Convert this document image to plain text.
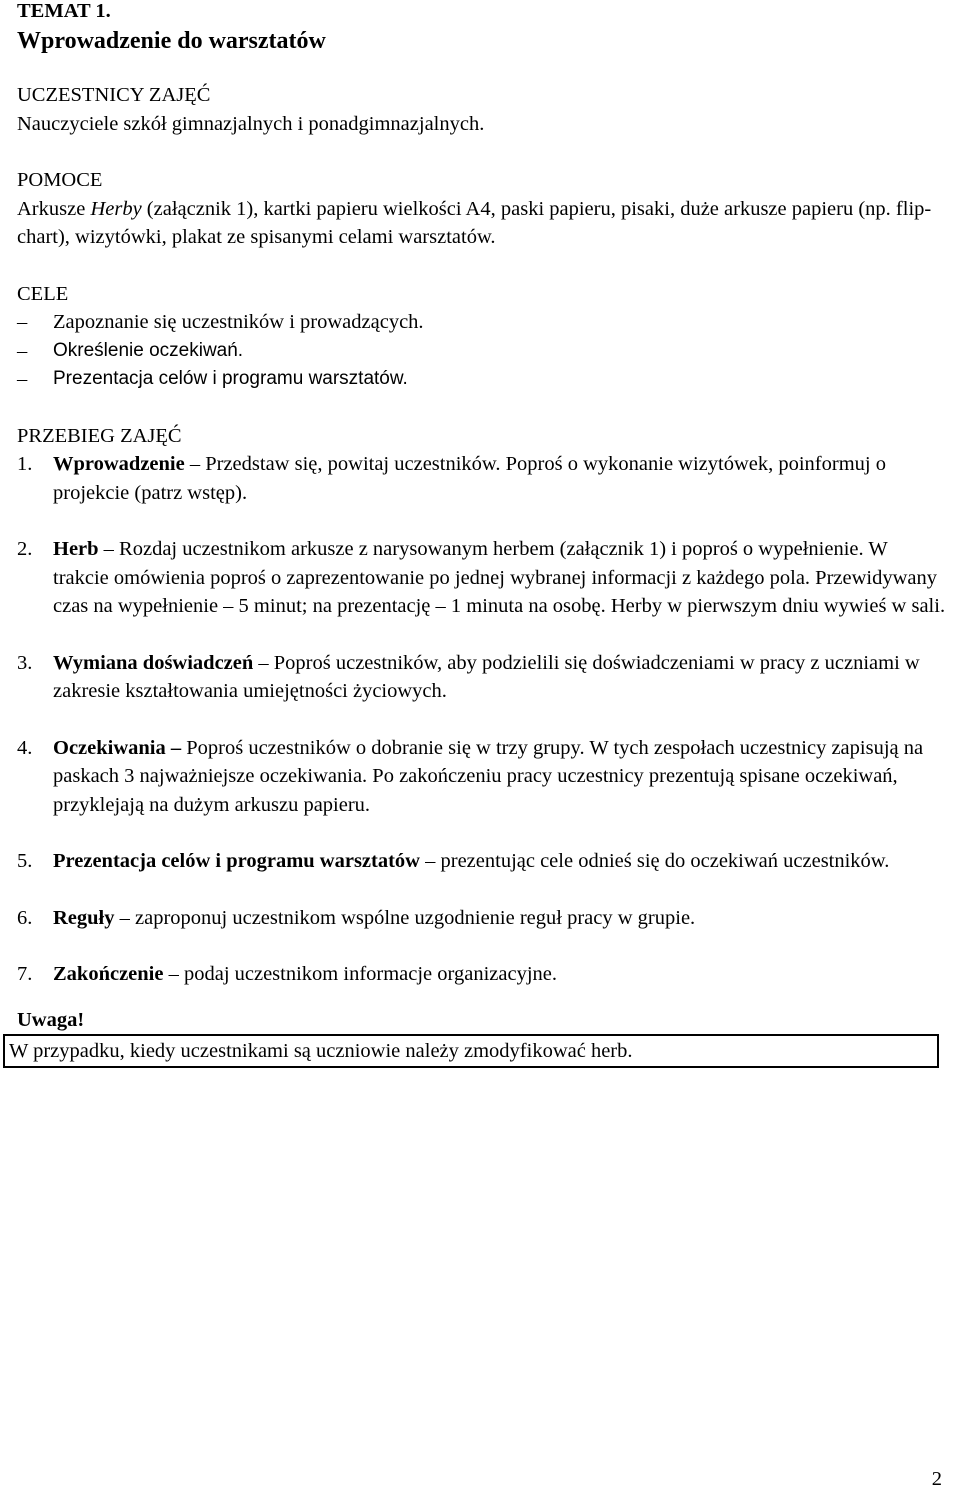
TEMAT 1.
Wprowadzenie do warsztatów
UCZESTNICY ZAJĘĆ
Nauczyciele szkół gimnazjalnych i ponadgimnazjalnych.
POMOCE
Arkusze Herby (załącznik 1), kartki papieru wielkości A4, paski papieru, pisaki, duże arkusze papieru (np. flip-chart), wizytówki, plakat ze spisanymi celami warsztatów.
CELE
–	Zapoznanie się uczestników i prowadzących.
–	Określenie oczekiwań.
–	Prezentacja celów i programu warsztatów.
PRZEBIEG ZAJĘĆ
1.	Wprowadzenie – Przedstaw się, powitaj uczestników. Poproś o wykonanie wizytówek, poinformuj o projekcie (patrz wstęp).
2.	Herb – Rozdaj uczestnikom arkusze z narysowanym herbem (załącznik 1) i poproś o wypełnienie. W trakcie omówienia poproś o zaprezentowanie po jednej wybranej informacji z każdego pola. Przewidywany czas na wypełnienie – 5 minut; na prezentację – 1 minuta na osobę. Herby w pierwszym dniu wywieś w sali.
3.	Wymiana doświadczeń – Poproś uczestników, aby podzielili się doświadczeniami w pracy z uczniami w zakresie kształtowania umiejętności życiowych.
4.	Oczekiwania – Poproś uczestników o dobranie się w trzy grupy. W tych zespołach uczestnicy zapisują na paskach 3 najważniejsze oczekiwania. Po zakończeniu pracy uczestnicy prezentują spisane oczekiwań, przyklejają na dużym arkuszu papieru.
5.	Prezentacja celów i programu warsztatów – prezentując cele odnieś się do oczekiwań uczestników.
6.	Reguły – zaproponuj uczestnikom wspólne uzgodnienie reguł pracy w grupie.
7.	Zakończenie – podaj uczestnikom informacje organizacyjne.
Uwaga!
W przypadku, kiedy uczestnikami są uczniowie należy zmodyfikować herb.
2
